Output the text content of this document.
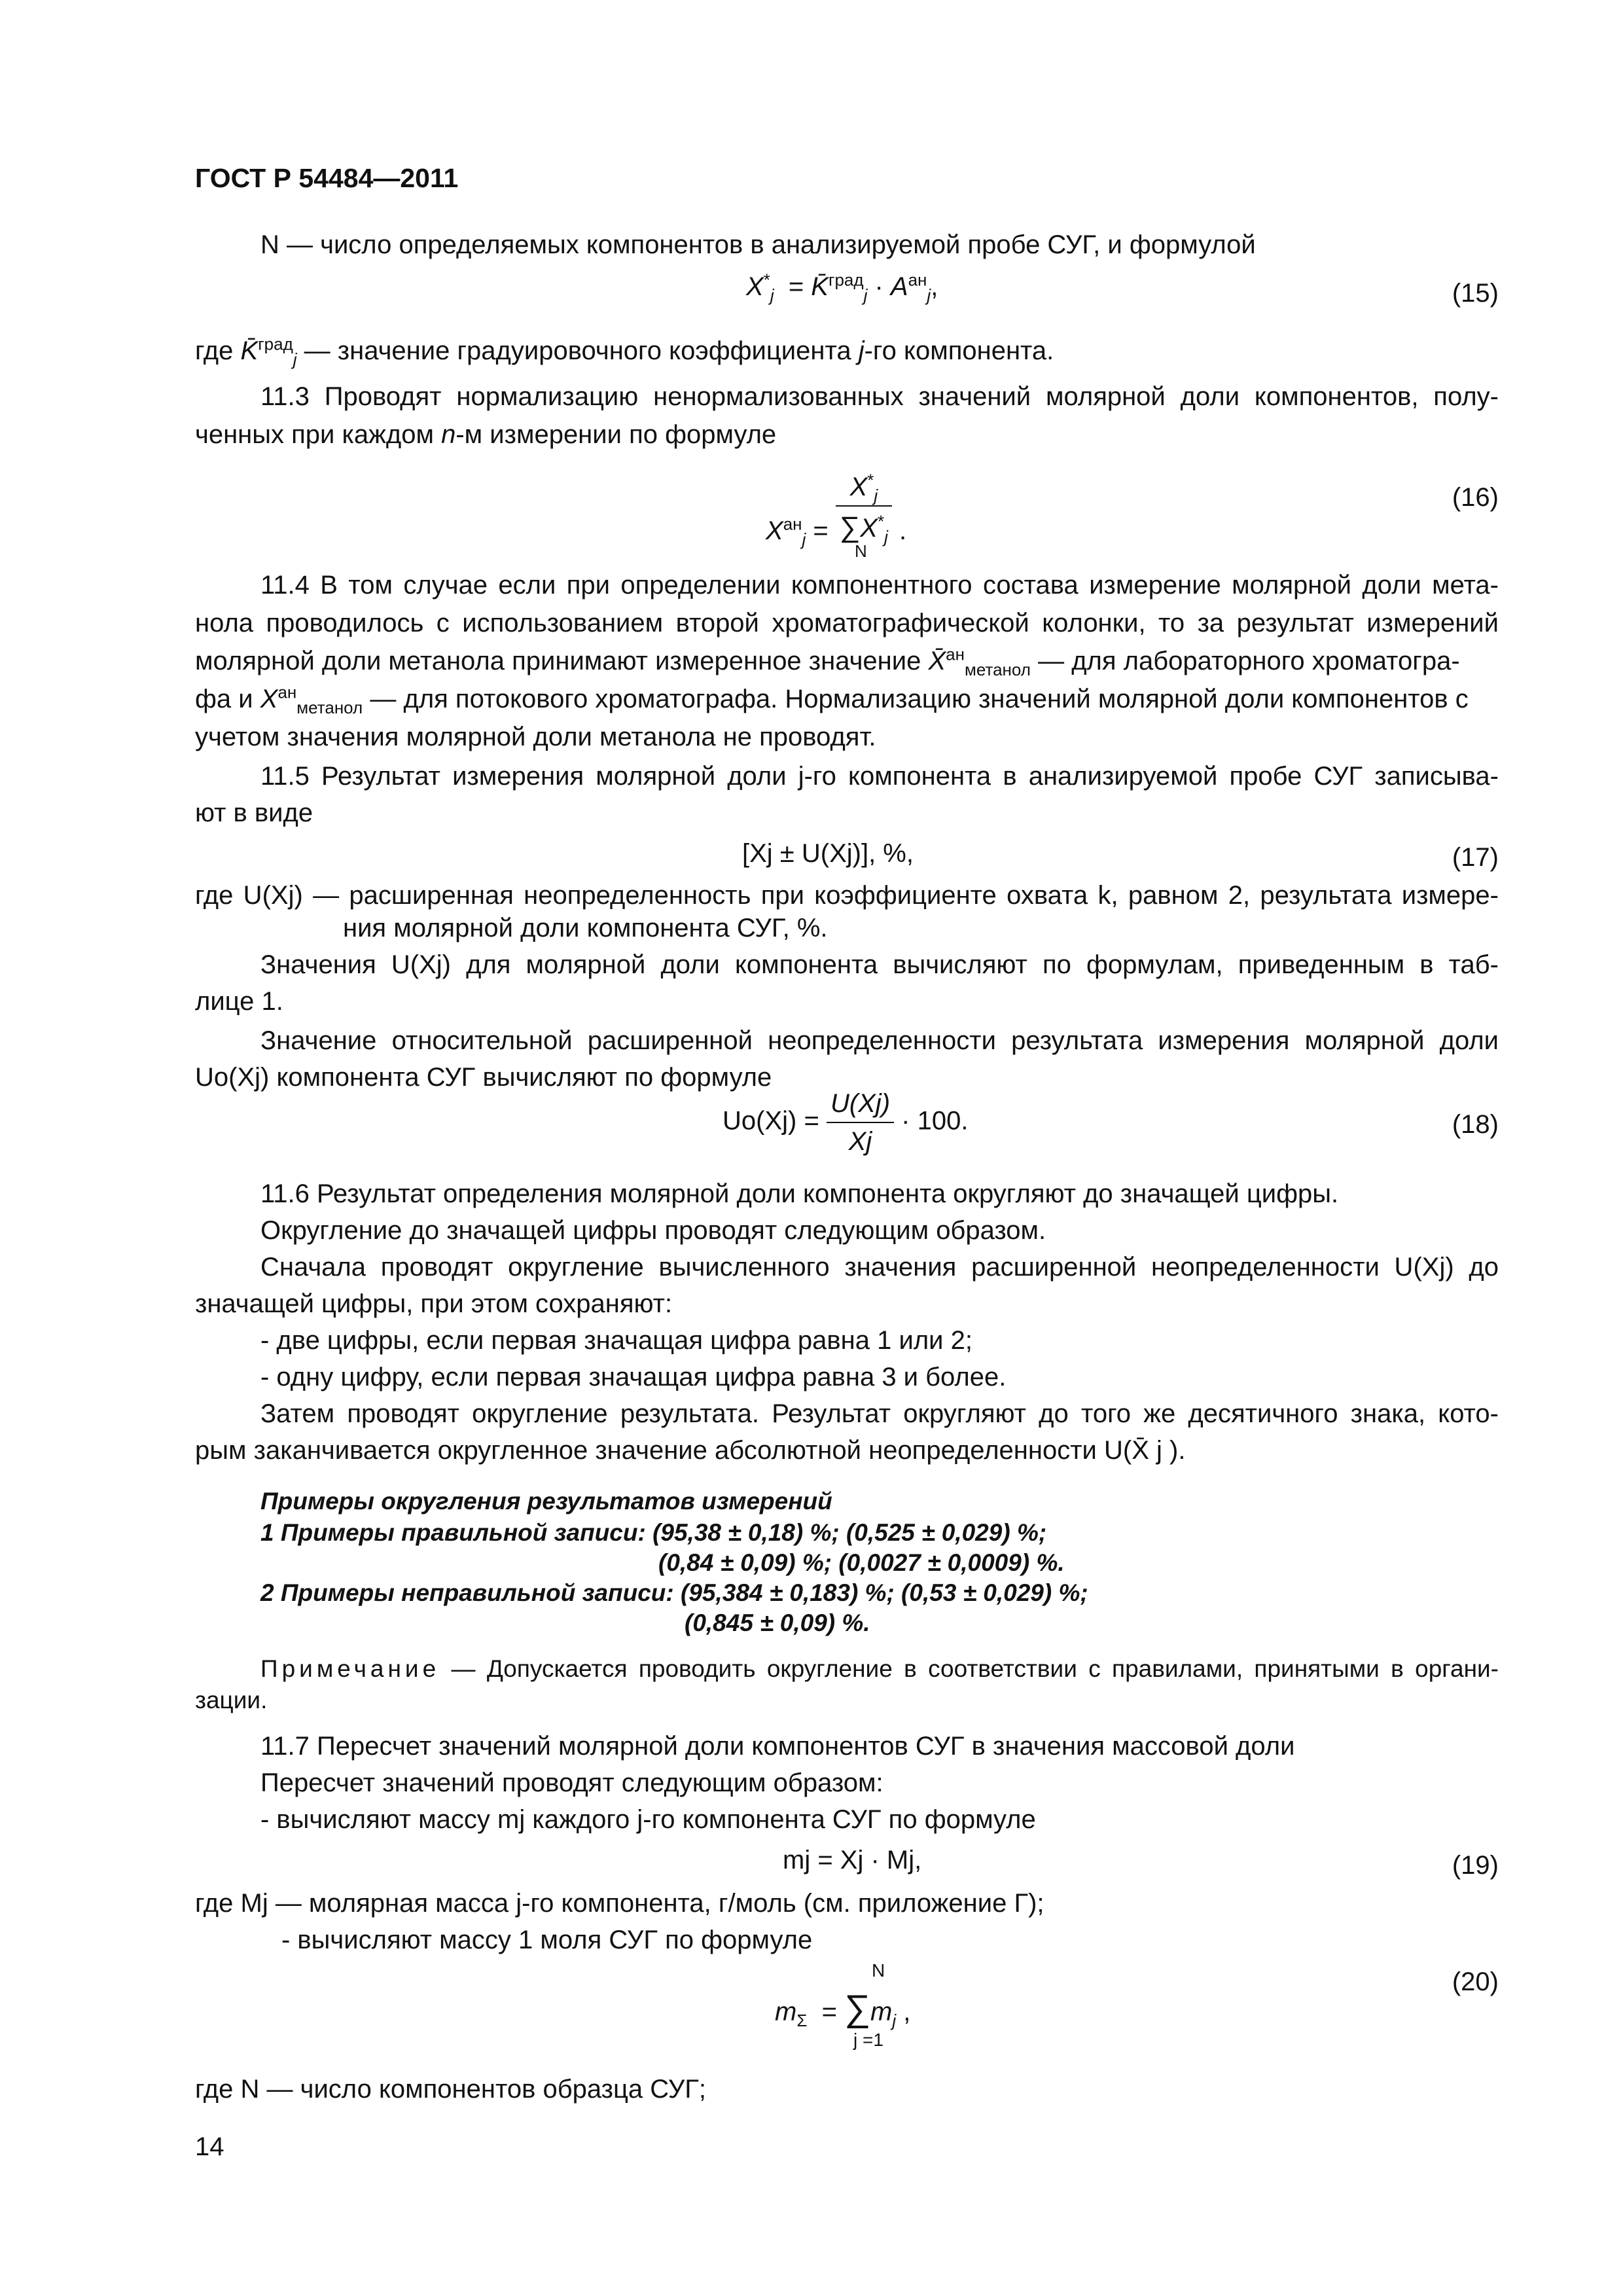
ГОСТ Р 54484—2011
N — число определяемых компонентов в анализируемой пробе СУГ, и формулой
$X^*_j$  = K̄$^{град}_j$ · $A^{ан}_j$,	(15)
где K̄$^{град}_j$ — значение градуировочного коэффициента j-го компонента.
11.3 Проводят нормализацию ненормализованных значений молярной доли компонентов, полу-
ченных при каждом n-м измерении по формуле
$X^{ан}_j = \frac{X^*_j}{\sum X^*_j}$ .
N
(16)
11.4 В том случае если при определении компонентного состава измерение молярной доли мета-
нола проводилось с использованием второй хроматографической колонки, то за результат измерений
молярной доли метанола принимают измеренное значение X̄$^{ан}_{метанол}$ — для лабораторного хроматогра-
фа и $X^{ан}_{метанол}$ — для потокового хроматографа. Нормализацию значений молярной доли компонентов с
учетом значения молярной доли метанола не проводят.
11.5 Результат измерения молярной доли j-го компонента в анализируемой пробе СУГ записыва-
ют в виде
[Xj ± U(Xj)], %,	(17)
где U(Xj) — расширенная неопределенность при коэффициенте охвата k, равном 2, результата измере-
ния молярной доли компонента СУГ, %.
Значения U(Xj) для молярной доли компонента вычисляют по формулам, приведенным в таб-
лице 1.
Значение относительной расширенной неопределенности результата измерения молярной доли
Uo(Xj) компонента СУГ вычисляют по формуле
$Uo(Xj) = \frac{U(Xj)}{Xj} \cdot 100$.	(18)
11.6 Результат определения молярной доли компонента округляют до значащей цифры.
Округление до значащей цифры проводят следующим образом.
Сначала проводят округление вычисленного значения расширенной неопределенности U(Xj) до
значащей цифры, при этом сохраняют:
- две цифры, если первая значащая цифра равна 1 или 2;
- одну цифру, если первая значащая цифра равна 3 и более.
Затем проводят округление результата. Результат округляют до того же десятичного знака, кото-
рым заканчивается округленное значение абсолютной неопределенности U(X̄ j ).
Примеры округления результатов измерений
1 Примеры правильной записи: (95,38 ± 0,18) %; (0,525 ± 0,029) %;
(0,84 ± 0,09) %; (0,0027 ± 0,0009) %.
2 Примеры неправильной записи: (95,384 ± 0,183) %; (0,53 ± 0,029) %;
(0,845 ± 0,09) %.
Примечание — Допускается проводить округление в соответствии с правилами, принятыми в органи-
зации.
11.7 Пересчет значений молярной доли компонентов СУГ в значения массовой доли
Пересчет значений проводят следующим образом:
- вычисляют массу mj каждого j-го компонента СУГ по формуле
mj = Xj · Mj,	(19)
где Mj — молярная масса j-го компонента, г/моль (см. приложение Г);
- вычисляют массу 1 моля СУГ по формуле
$m_\Sigma = \sum m_j$ ,
N
j =1
(20)
где N — число компонентов образца СУГ;
14
